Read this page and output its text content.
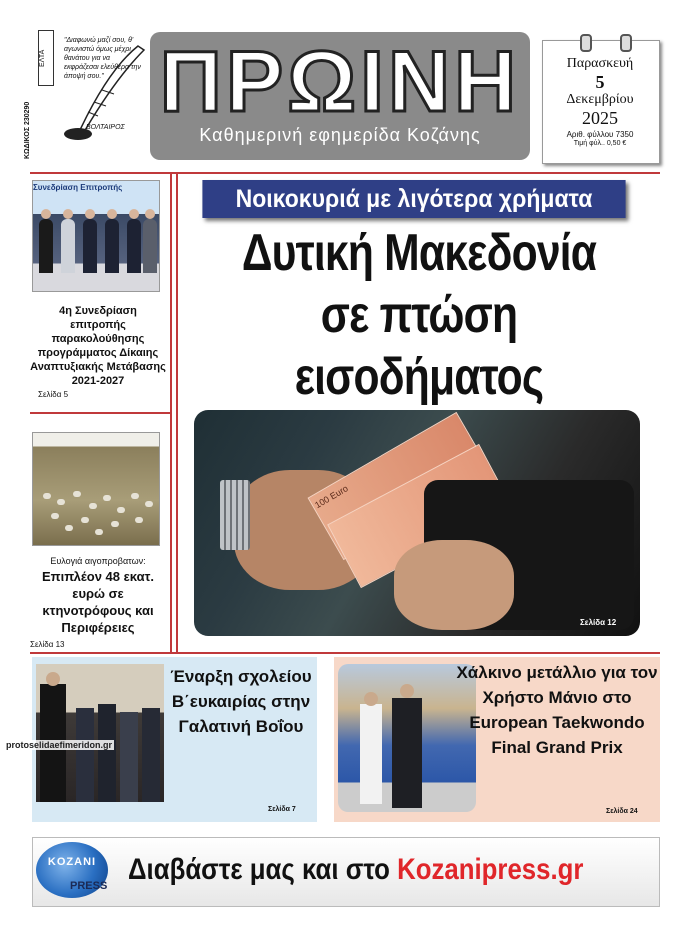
ΕΛΤΑ
ΚΩΔΙΚΟΣ 230290
"Διαφωνώ μαζί σου, θ' αγωνιστώ όμως μέχρι θανάτου για να εκφράζεσαι ελεύθερα την άποψή σου."
ΒΟΛΤΑΙΡΟΣ ΠΡΩΙΝΗ
Καθημερινή εφημερίδα Κοζάνης
Παρασκευή
5
Δεκεμβρίου
2025
Αριθ. φύλλου 7350
Τιμή φύλ.. 0,50 €
Συνεδρίαση Επιτροπής
4η Συνεδρίαση επιτροπής παρακολούθησης προγράμματος Δίκαιης Αναπτυξιακής Μετάβασης 2021-2027
Σελίδα 5
Ευλογιά αιγοπροβατων:
Επιπλέον 48 εκατ. ευρώ σε κτηνοτρόφους και Περιφέρειες
Σελίδα 13
Νοικοκυριά με λιγότερα χρήματα
Δυτική Μακεδονία
σε πτώση εισοδήματος
100 Euro
Σελίδα 12
Έναρξη σχολείου Β΄ευκαιρίας στην Γαλατινή Βοΐου
Σελίδα 7
protoselidaefimeridon.gr
Χάλκινο μετάλλιο για τον Χρήστο Μάνιο στο European Taekwondo Final Grand Prix
Σελίδα 24
KOZANI
PRESS Διαβάστε μας και στο Kozanipress.gr
